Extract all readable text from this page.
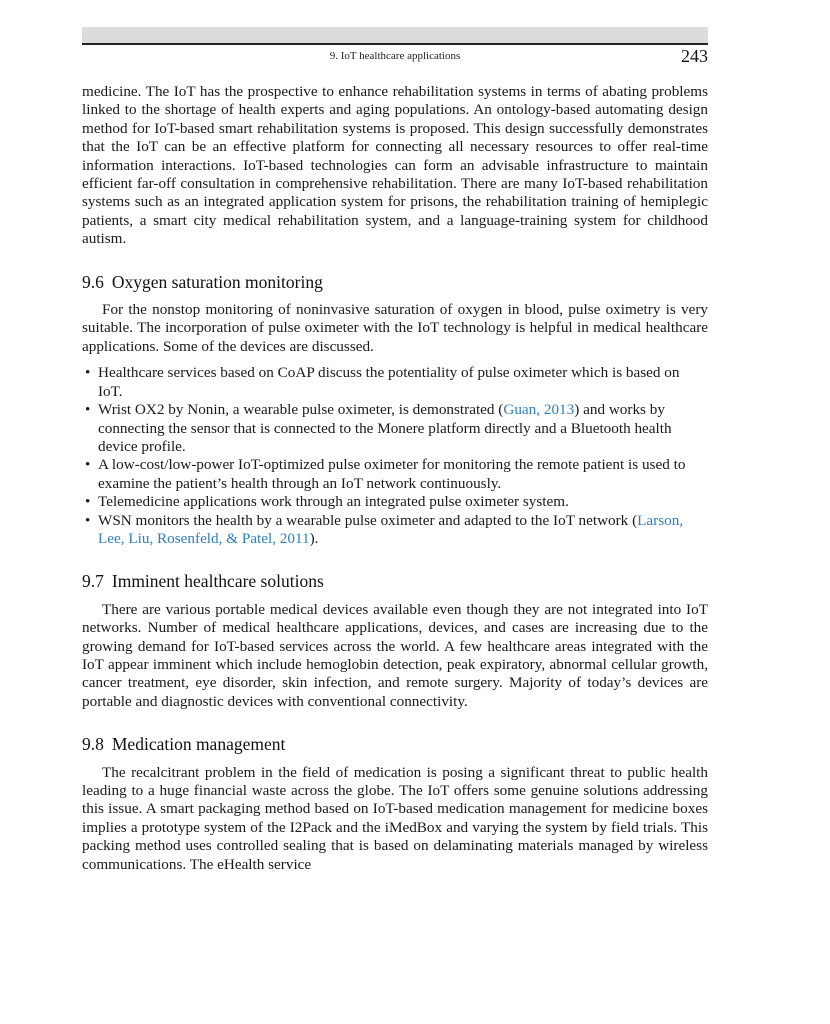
9. IoT healthcare applications	243

medicine. The IoT has the prospective to enhance rehabilitation systems in terms of abating problems linked to the shortage of health experts and aging populations. An ontology-based automating design method for IoT-based smart rehabilitation systems is proposed. This design successfully demonstrates that the IoT can be an effective platform for connecting all necessary resources to offer real-time information interactions. IoT-based technologies can form an advisable infrastructure to maintain efficient far-off consultation in comprehensive rehabilitation. There are many IoT-based rehabilitation systems such as an integrated application system for prisons, the rehabilitation training of hemiplegic patients, a smart city medical rehabilitation system, and a language-training system for childhood autism.

9.6 Oxygen saturation monitoring

For the nonstop monitoring of noninvasive saturation of oxygen in blood, pulse oximetry is very suitable. The incorporation of pulse oximeter with the IoT technology is helpful in medical healthcare applications. Some of the devices are discussed.

• Healthcare services based on CoAP discuss the potentiality of pulse oximeter which is based on IoT.
• Wrist OX2 by Nonin, a wearable pulse oximeter, is demonstrated (Guan, 2013) and works by connecting the sensor that is connected to the Monere platform directly and a Bluetooth health device profile.
• A low-cost/low-power IoT-optimized pulse oximeter for monitoring the remote patient is used to examine the patient’s health through an IoT network continuously.
• Telemedicine applications work through an integrated pulse oximeter system.
• WSN monitors the health by a wearable pulse oximeter and adapted to the IoT network (Larson, Lee, Liu, Rosenfeld, & Patel, 2011).
9.7 Imminent healthcare solutions

There are various portable medical devices available even though they are not integrated into IoT networks. Number of medical healthcare applications, devices, and cases are increasing due to the growing demand for IoT-based services across the world. A few healthcare areas integrated with the IoT appear imminent which include hemoglobin detection, peak expiratory, abnormal cellular growth, cancer treatment, eye disorder, skin infection, and remote surgery. Majority of today’s devices are portable and diagnostic devices with conventional connectivity.

9.8 Medication management

The recalcitrant problem in the field of medication is posing a significant threat to public health leading to a huge financial waste across the globe. The IoT offers some genuine solutions addressing this issue. A smart packaging method based on IoT-based medication management for medicine boxes implies a prototype system of the I2Pack and the iMedBox and varying the system by field trials. This packing method uses controlled sealing that is based on delaminating materials managed by wireless communications. The eHealth service
